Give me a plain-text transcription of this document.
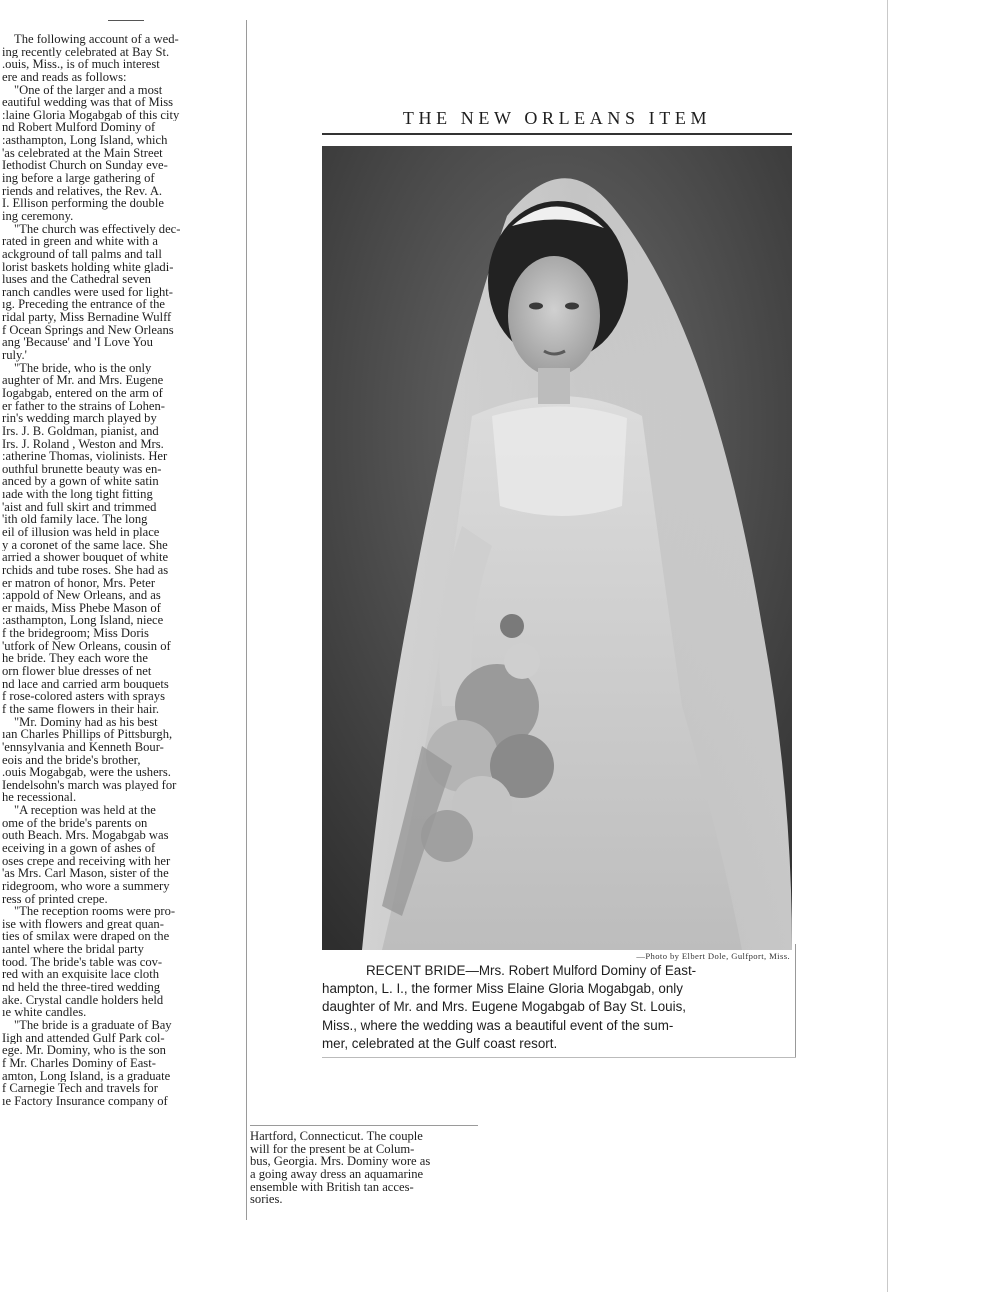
The following account of a wed-
ing recently celebrated at Bay St.
.ouis, Miss., is of much interest
ere and reads as follows:
"One of the larger and a most
eautiful wedding was that of Miss
:laine Gloria Mogabgab of this city
nd Robert Mulford Dominy of
:asthampton, Long Island, which
'as celebrated at the Main Street
Iethodist Church on Sunday eve-
ing before a large gathering of
riends and relatives, the Rev. A.
I. Ellison performing the double
ing ceremony.
"The church was effectively dec-
rated in green and white with a
ackground of tall palms and tall
lorist baskets holding white gladi-
luses and the Cathedral seven
ranch candles were used for light-
ıg. Preceding the entrance of the
ridal party, Miss Bernadine Wulff
f Ocean Springs and New Orleans
ang 'Because' and 'I Love You
ruly.'
"The bride, who is the only
aughter of Mr. and Mrs. Eugene
Iogabgab, entered on the arm of
er father to the strains of Lohen-
rin's wedding march played by
Irs. J. B. Goldman, pianist, and
Irs. J. Roland , Weston and Mrs.
:atherine Thomas, violinists. Her
outhful brunette beauty was en-
anced by a gown of white satin
ıade with the long tight fitting
'aist and full skirt and trimmed
'ith old family lace. The long
eil of illusion was held in place
y a coronet of the same lace. She
arried a shower bouquet of white
rchids and tube roses. She had as
er matron of honor, Mrs. Peter
:appold of New Orleans, and as
er maids, Miss Phebe Mason of
:asthampton, Long Island, niece
f the bridegroom; Miss Doris
'utfork of New Orleans, cousin of
he bride. They each wore the
orn flower blue dresses of net
nd lace and carried arm bouquets
f rose-colored asters with sprays
f the same flowers in their hair.
"Mr. Dominy had as his best
ıan Charles Phillips of Pittsburgh,
'ennsylvania and Kenneth Bour-
eois and the bride's brother,
.ouis Mogabgab, were the ushers.
Iendelsohn's march was played for
he recessional.
"A reception was held at the
ome of the bride's parents on
outh Beach. Mrs. Mogabgab was
eceiving in a gown of ashes of
oses crepe and receiving with her
'as Mrs. Carl Mason, sister of the
ridegroom, who wore a summery
ress of printed crepe.
"The reception rooms were pro-
ise with flowers and great quan-
ties of smilax were draped on the
ıantel where the bridal party
tood. The bride's table was cov-
red with an exquisite lace cloth
nd held the three-tired wedding
ake. Crystal candle holders held
ıe white candles.
"The bride is a graduate of Bay
Iigh and attended Gulf Park col-
ege. Mr. Dominy, who is the son
f Mr. Charles Dominy of East-
amton, Long Island, is a graduate
f Carnegie Tech and travels for
ıe Factory Insurance company of
THE NEW ORLEANS ITEM
—Photo by Elbert Dole, Gulfport, Miss.
RECENT BRIDE—Mrs. Robert Mulford Dominy of East-
hampton, L. I., the former Miss Elaine Gloria Mogabgab, only
daughter of Mr. and Mrs. Eugene Mogabgab of Bay St. Louis,
Miss., where the wedding was a beautiful event of the sum-
mer, celebrated at the Gulf coast resort.
Hartford, Connecticut. The couple
will for the present be at Colum-
bus, Georgia. Mrs. Dominy wore as
a going away dress an aquamarine
ensemble with British tan acces-
sories.
